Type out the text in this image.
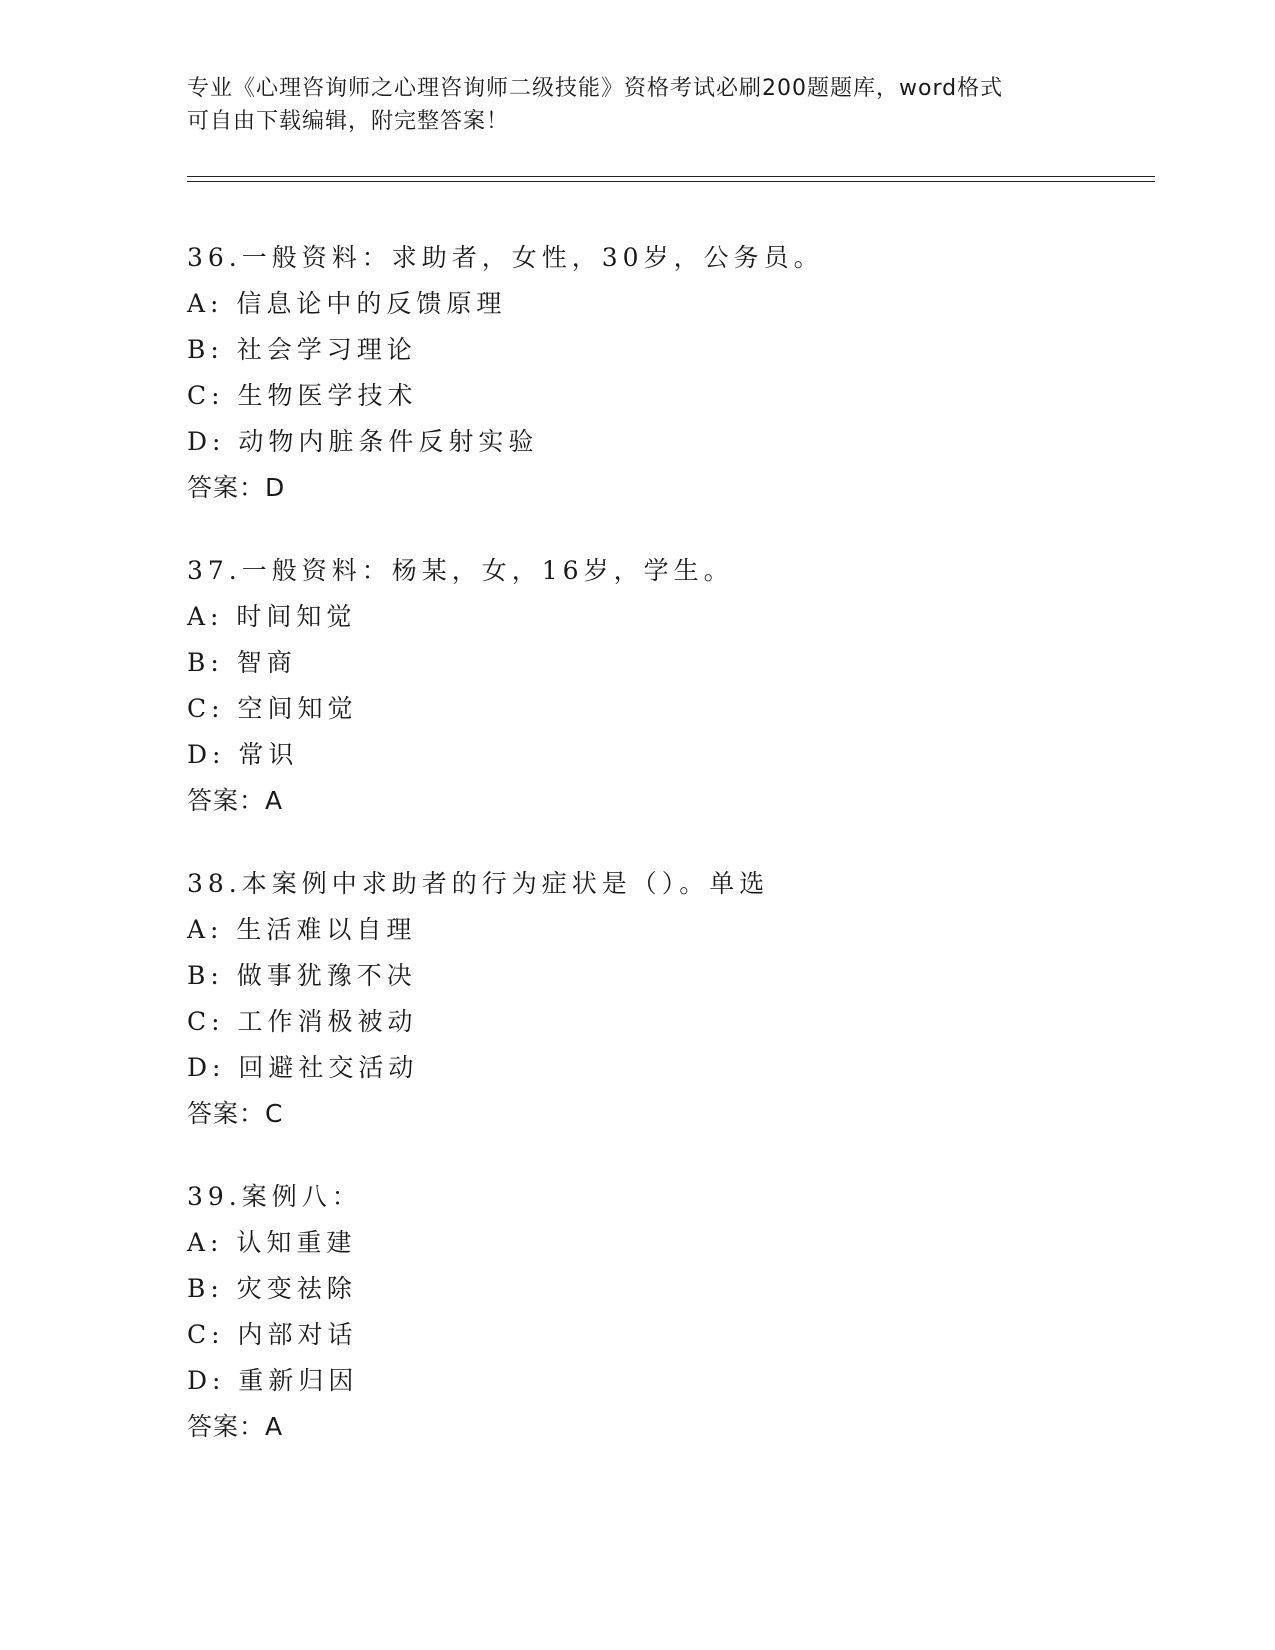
专业《心理咨询师之心理咨询师二级技能》资格考试必刷200题题库，word格式
可自由下载编辑，附完整答案！
36.一般资料：求助者，女性，30岁，公务员。
A: 信息论中的反馈原理
B: 社会学习理论
C: 生物医学技术
D: 动物内脏条件反射实验
答案：D
37.一般资料：杨某，女，16岁，学生。
A: 时间知觉
B: 智商
C: 空间知觉
D: 常识
答案：A
38.本案例中求助者的行为症状是（）。单选
A: 生活难以自理
B: 做事犹豫不决
C: 工作消极被动
D: 回避社交活动
答案：C
39.案例八：
A: 认知重建
B: 灾变祛除
C: 内部对话
D: 重新归因
答案：A
